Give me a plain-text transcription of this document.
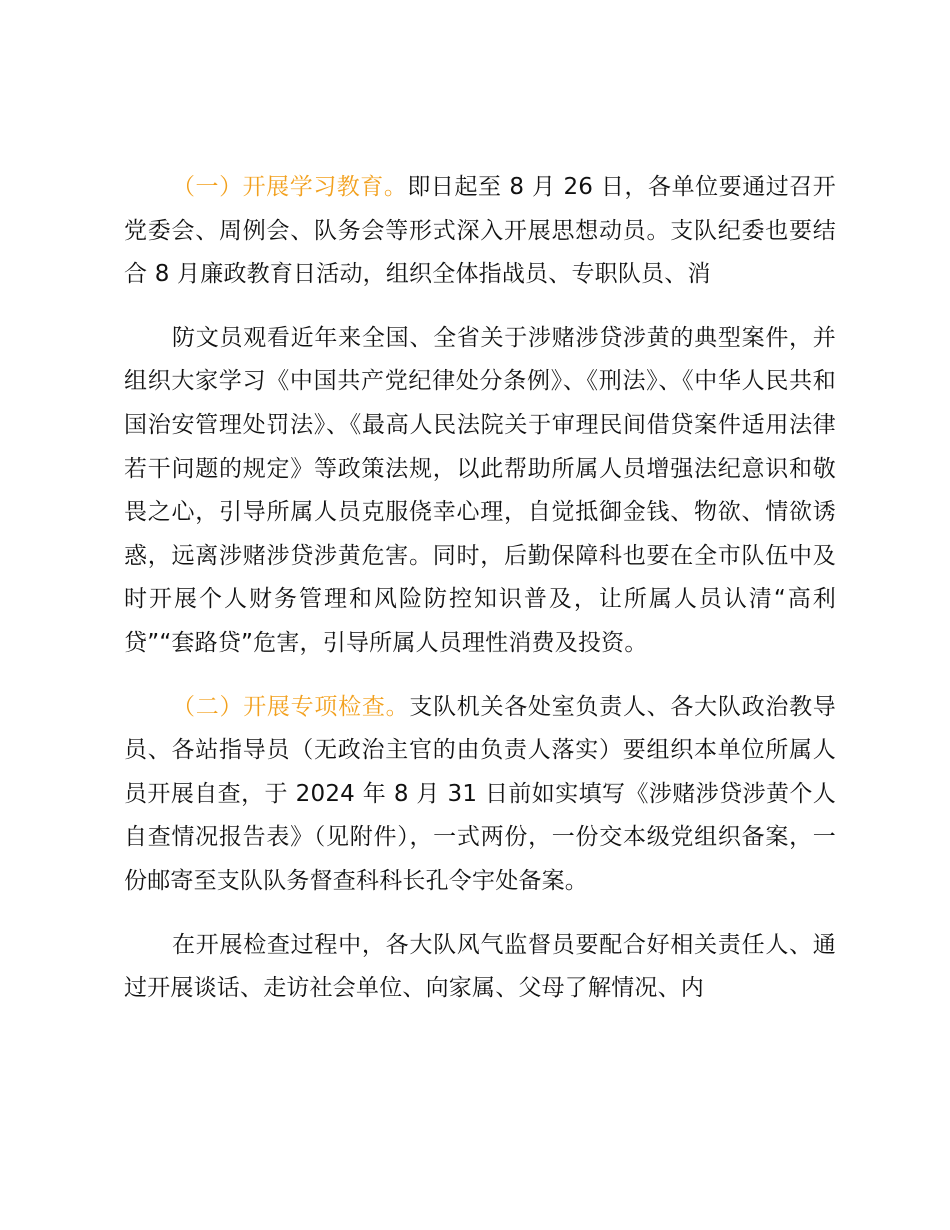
（一）开展学习教育。即日起至 8 月 26 日，各单位要通过召开党委会、周例会、队务会等形式深入开展思想动员。支队纪委也要结合 8 月廉政教育日活动，组织全体指战员、专职队员、消

防文员观看近年来全国、全省关于涉赌涉贷涉黄的典型案件，并组织大家学习《中国共产党纪律处分条例》、《刑法》、《中华人民共和国治安管理处罚法》、《最高人民法院关于审理民间借贷案件适用法律若干问题的规定》等政策法规，以此帮助所属人员增强法纪意识和敬畏之心，引导所属人员克服侥幸心理，自觉抵御金钱、物欲、情欲诱惑，远离涉赌涉贷涉黄危害。同时，后勤保障科也要在全市队伍中及时开展个人财务管理和风险防控知识普及，让所属人员认清“高利贷”“套路贷”危害，引导所属人员理性消费及投资。

（二）开展专项检查。支队机关各处室负责人、各大队政治教导员、各站指导员（无政治主官的由负责人落实）要组织本单位所属人员开展自查，于 2024 年 8 月 31 日前如实填写《涉赌涉贷涉黄个人自查情况报告表》（见附件），一式两份，一份交本级党组织备案，一份邮寄至支队队务督查科科长孔令宇处备案。

在开展检查过程中，各大队风气监督员要配合好相关责任人、通过开展谈话、走访社会单位、向家属、父母了解情况、内
